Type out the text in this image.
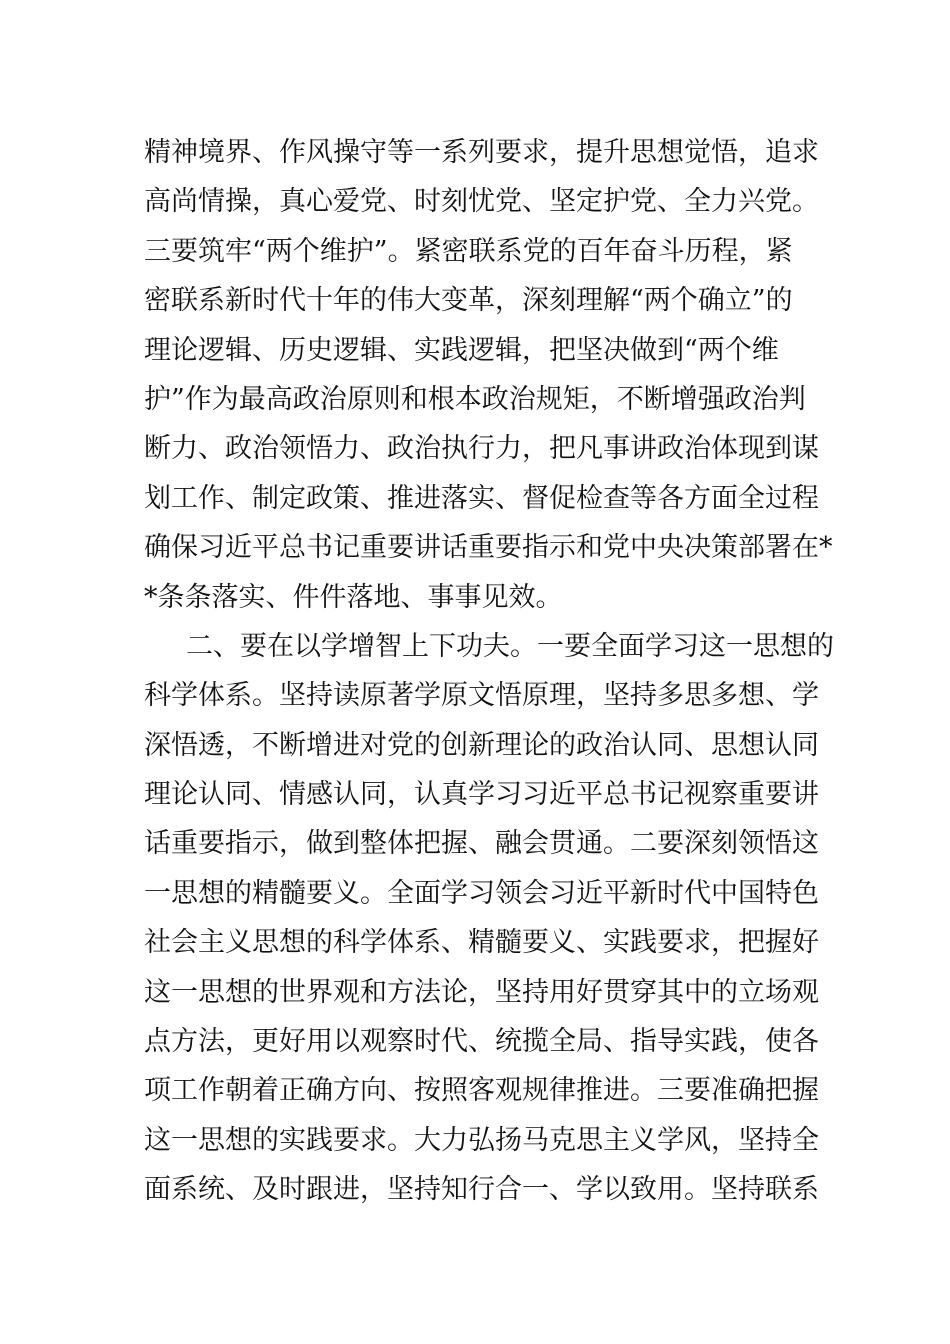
精神境界、作风操守等一系列要求，提升思想觉悟，追求
高尚情操，真心爱党、时刻忧党、坚定护党、全力兴党。
三要筑牢“两个维护”。紧密联系党的百年奋斗历程，紧
密联系新时代十年的伟大变革，深刻理解“两个确立”的
理论逻辑、历史逻辑、实践逻辑，把坚决做到“两个维
护”作为最高政治原则和根本政治规矩，不断增强政治判
断力、政治领悟力、政治执行力，把凡事讲政治体现到谋
划工作、制定政策、推进落实、督促检查等各方面全过程
确保习近平总书记重要讲话重要指示和党中央决策部署在*
*条条落实、件件落地、事事见效。
二、要在以学增智上下功夫。一要全面学习这一思想的
科学体系。坚持读原著学原文悟原理，坚持多思多想、学
深悟透，不断增进对党的创新理论的政治认同、思想认同
理论认同、情感认同，认真学习习近平总书记视察重要讲
话重要指示，做到整体把握、融会贯通。二要深刻领悟这
一思想的精髓要义。全面学习领会习近平新时代中国特色
社会主义思想的科学体系、精髓要义、实践要求，把握好
这一思想的世界观和方法论，坚持用好贯穿其中的立场观
点方法，更好用以观察时代、统揽全局、指导实践，使各
项工作朝着正确方向、按照客观规律推进。三要准确把握
这一思想的实践要求。大力弘扬马克思主义学风，坚持全
面系统、及时跟进，坚持知行合一、学以致用。坚持联系
